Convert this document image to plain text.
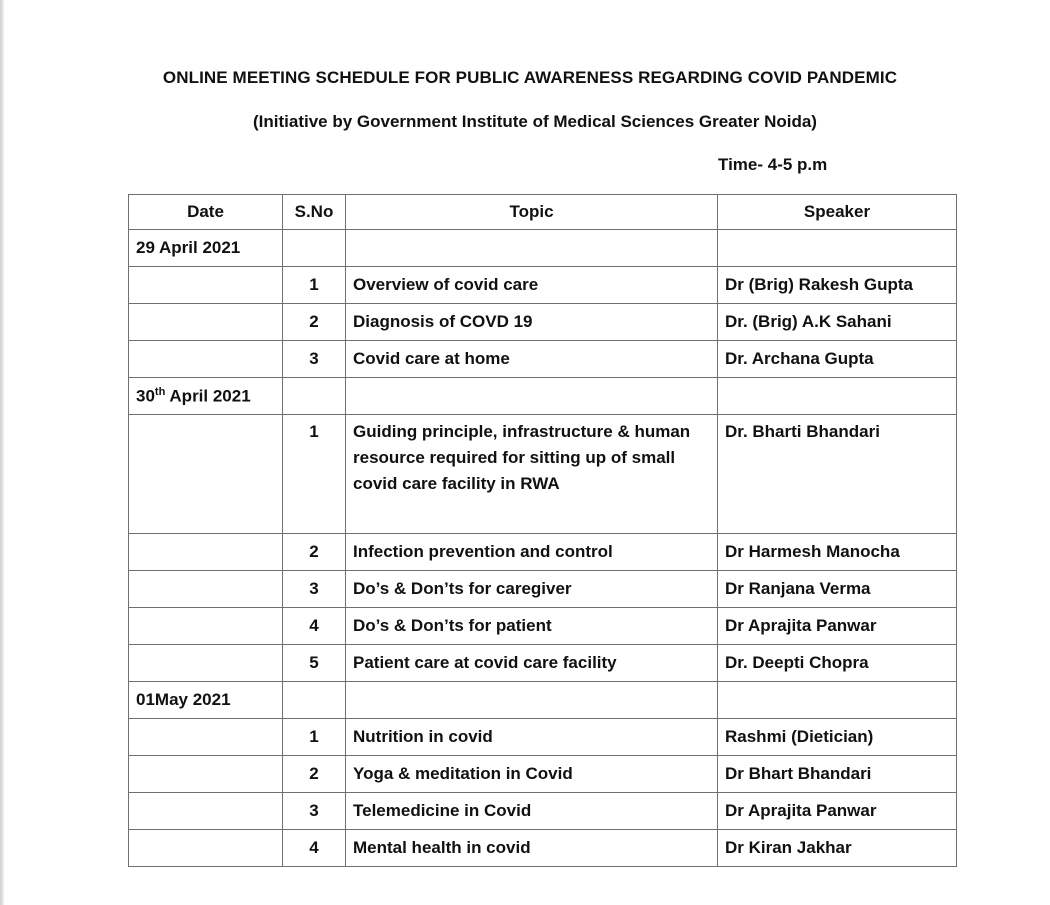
ONLINE MEETING SCHEDULE FOR PUBLIC AWARENESS REGARDING COVID PANDEMIC
(Initiative by Government Institute of Medical Sciences Greater Noida)
Time- 4-5 p.m
Date	S.No	Topic	Speaker
29 April 2021			
	1	Overview of covid care	Dr (Brig) Rakesh Gupta
	2	Diagnosis of COVD 19	Dr. (Brig) A.K Sahani
	3	Covid care at home	Dr. Archana Gupta
30th April 2021			
	1	Guiding principle, infrastructure & human resource required for sitting up of small covid care facility in RWA	Dr. Bharti Bhandari
	2	Infection prevention and control	Dr Harmesh Manocha
	3	Do’s & Don’ts for caregiver	Dr Ranjana Verma
	4	Do’s & Don’ts for patient	Dr Aprajita Panwar
	5	Patient care at covid care facility	Dr. Deepti Chopra
01May 2021			
	1	Nutrition in covid	Rashmi (Dietician)
	2	Yoga & meditation in Covid	Dr Bhart Bhandari
	3	Telemedicine in Covid	Dr Aprajita Panwar
	4	Mental health in covid	Dr Kiran Jakhar
